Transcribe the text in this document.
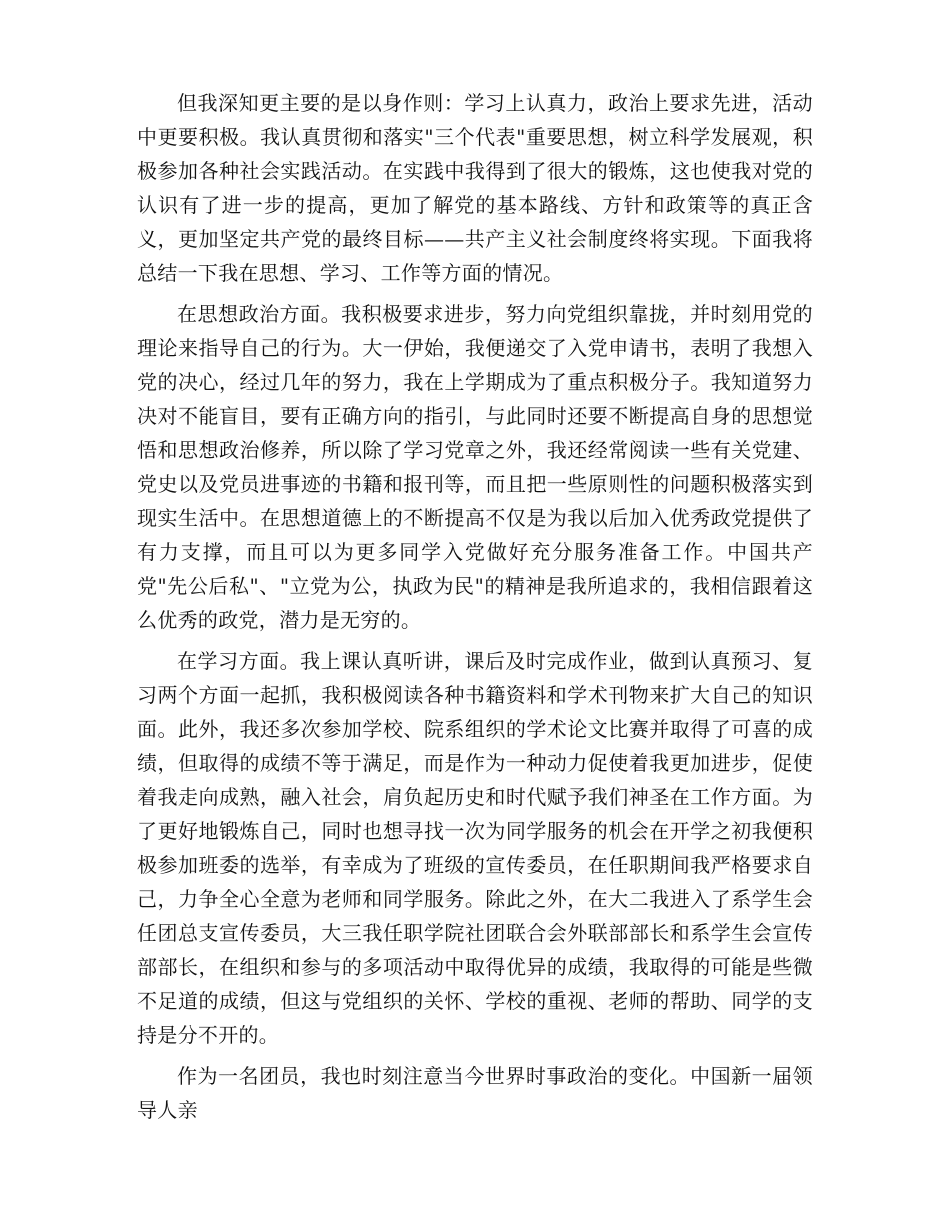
但我深知更主要的是以身作则：学习上认真力，政治上要求先进，活动中更要积极。我认真贯彻和落实"三个代表"重要思想，树立科学发展观，积极参加各种社会实践活动。在实践中我得到了很大的锻炼，这也使我对党的认识有了进一步的提高，更加了解党的基本路线、方针和政策等的真正含义，更加坚定共产党的最终目标——共产主义社会制度终将实现。下面我将总结一下我在思想、学习、工作等方面的情况。

在思想政治方面。我积极要求进步，努力向党组织靠拢，并时刻用党的理论来指导自己的行为。大一伊始，我便递交了入党申请书，表明了我想入党的决心，经过几年的努力，我在上学期成为了重点积极分子。我知道努力决对不能盲目，要有正确方向的指引，与此同时还要不断提高自身的思想觉悟和思想政治修养，所以除了学习党章之外，我还经常阅读一些有关党建、党史以及党员进事迹的书籍和报刊等，而且把一些原则性的问题积极落实到现实生活中。在思想道德上的不断提高不仅是为我以后加入优秀政党提供了有力支撑，而且可以为更多同学入党做好充分服务准备工作。中国共产党"先公后私"、"立党为公，执政为民"的精神是我所追求的，我相信跟着这么优秀的政党，潜力是无穷的。

在学习方面。我上课认真听讲，课后及时完成作业，做到认真预习、复习两个方面一起抓，我积极阅读各种书籍资料和学术刊物来扩大自己的知识面。此外，我还多次参加学校、院系组织的学术论文比赛并取得了可喜的成绩，但取得的成绩不等于满足，而是作为一种动力促使着我更加进步，促使着我走向成熟，融入社会，肩负起历史和时代赋予我们神圣在工作方面。为了更好地锻炼自己，同时也想寻找一次为同学服务的机会在开学之初我便积极参加班委的选举，有幸成为了班级的宣传委员，在任职期间我严格要求自己，力争全心全意为老师和同学服务。除此之外，在大二我进入了系学生会任团总支宣传委员，大三我任职学院社团联合会外联部部长和系学生会宣传部部长，在组织和参与的多项活动中取得优异的成绩，我取得的可能是些微不足道的成绩，但这与党组织的关怀、学校的重视、老师的帮助、同学的支持是分不开的。

作为一名团员，我也时刻注意当今世界时事政治的变化。中国新一届领导人亲
